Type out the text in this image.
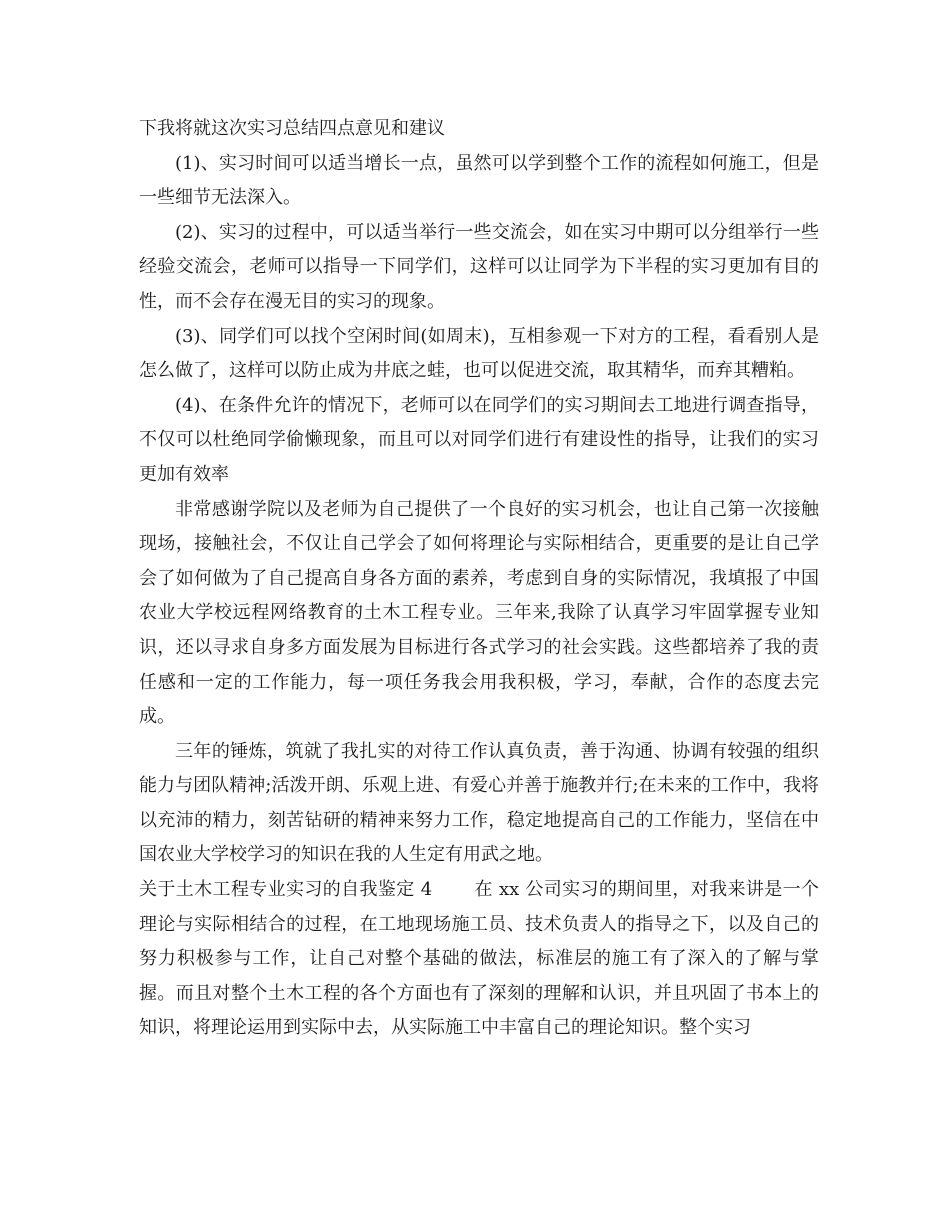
下我将就这次实习总结四点意见和建议

(1)、实习时间可以适当增长一点，虽然可以学到整个工作的流程如何施工，但是一些细节无法深入。

(2)、实习的过程中，可以适当举行一些交流会，如在实习中期可以分组举行一些经验交流会，老师可以指导一下同学们，这样可以让同学为下半程的实习更加有目的性，而不会存在漫无目的实习的现象。

(3)、同学们可以找个空闲时间(如周末)，互相参观一下对方的工程，看看别人是怎么做了，这样可以防止成为井底之蛙，也可以促进交流，取其精华，而弃其糟粕。

(4)、在条件允许的情况下，老师可以在同学们的实习期间去工地进行调查指导，不仅可以杜绝同学偷懒现象，而且可以对同学们进行有建设性的指导，让我们的实习更加有效率

非常感谢学院以及老师为自己提供了一个良好的实习机会，也让自己第一次接触现场，接触社会，不仅让自己学会了如何将理论与实际相结合，更重要的是让自己学会了如何做为了自己提高自身各方面的素养，考虑到自身的实际情况，我填报了中国农业大学校远程网络教育的土木工程专业。三年来,我除了认真学习牢固掌握专业知识，还以寻求自身多方面发展为目标进行各式学习的社会实践。这些都培养了我的责任感和一定的工作能力，每一项任务我会用我积极，学习，奉献，合作的态度去完成。

三年的锤炼，筑就了我扎实的对待工作认真负责，善于沟通、协调有较强的组织能力与团队精神;活泼开朗、乐观上进、有爱心并善于施教并行;在未来的工作中，我将以充沛的精力，刻苦钻研的精神来努力工作，稳定地提高自己的工作能力，坚信在中国农业大学校学习的知识在我的人生定有用武之地。

关于土木工程专业实习的自我鉴定 4 在 xx 公司实习的期间里，对我来讲是一个理论与实际相结合的过程，在工地现场施工员、技术负责人的指导之下，以及自己的努力积极参与工作，让自己对整个基础的做法，标准层的施工有了深入的了解与掌握。而且对整个土木工程的各个方面也有了深刻的理解和认识，并且巩固了书本上的知识，将理论运用到实际中去，从实际施工中丰富自己的理论知识。整个实习
